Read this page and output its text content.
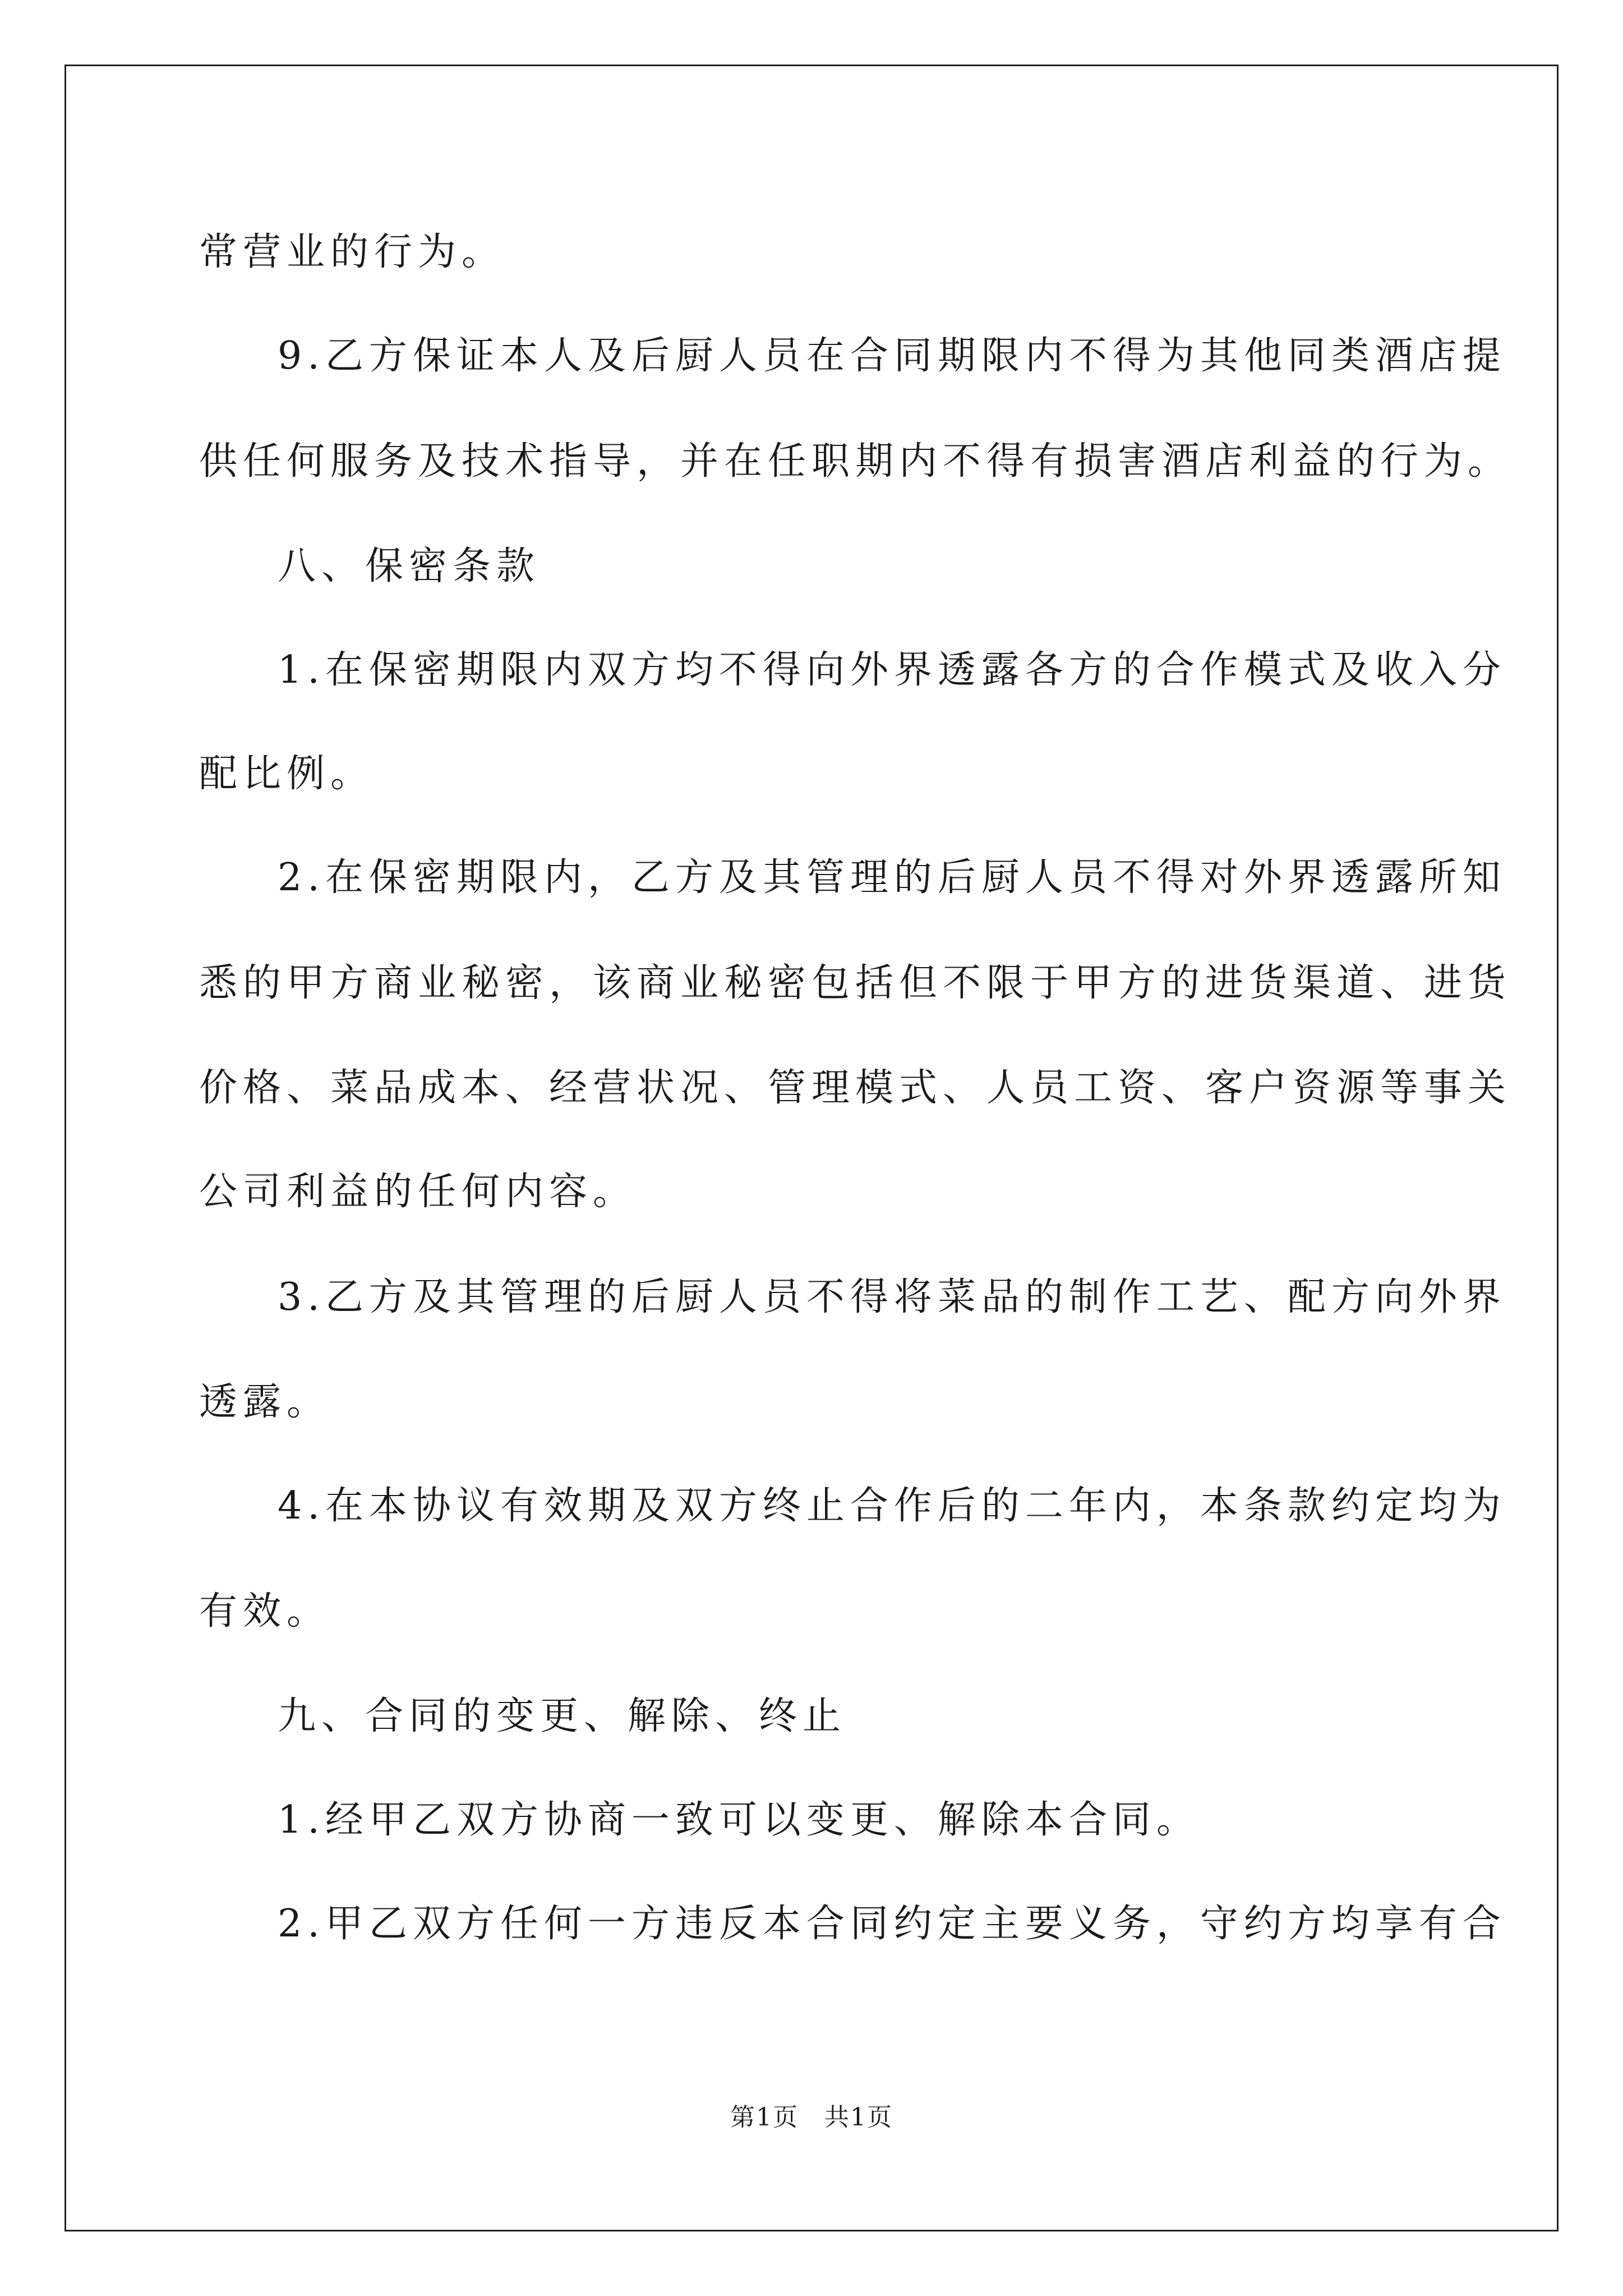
常营业的行为。
9.乙方保证本人及后厨人员在合同期限内不得为其他同类酒店提
供任何服务及技术指导，并在任职期内不得有损害酒店利益的行为。
八、保密条款
1.在保密期限内双方均不得向外界透露各方的合作模式及收入分
配比例。
2.在保密期限内，乙方及其管理的后厨人员不得对外界透露所知
悉的甲方商业秘密，该商业秘密包括但不限于甲方的进货渠道、进货
价格、菜品成本、经营状况、管理模式、人员工资、客户资源等事关
公司利益的任何内容。
3.乙方及其管理的后厨人员不得将菜品的制作工艺、配方向外界
透露。
4.在本协议有效期及双方终止合作后的二年内，本条款约定均为
有效。
九、合同的变更、解除、终止
1.经甲乙双方协商一致可以变更、解除本合同。
2.甲乙双方任何一方违反本合同约定主要义务，守约方均享有合
第1页　共1页
